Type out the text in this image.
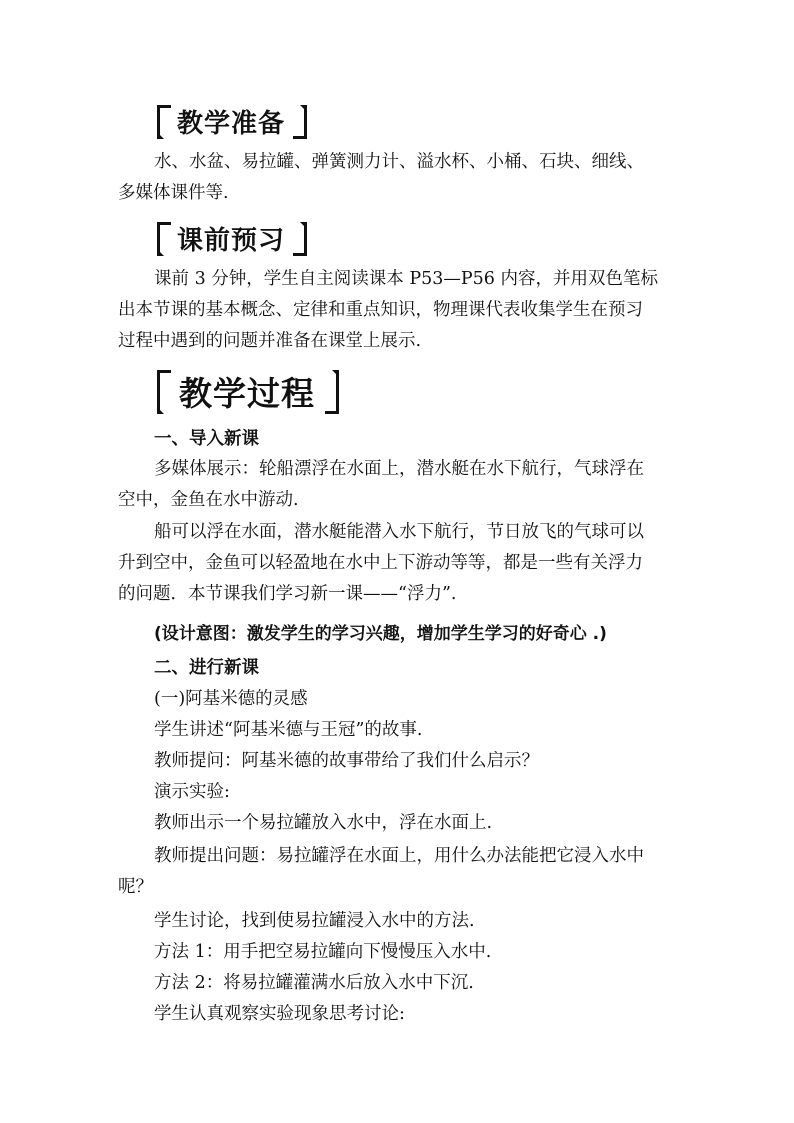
教学准备
水、水盆、易拉罐、弹簧测力计、溢水杯、小桶、石块、细线、
多媒体课件等.
课前预习
课前 3 分钟，学生自主阅读课本 P53—P56 内容，并用双色笔标
出本节课的基本概念、定律和重点知识，物理课代表收集学生在预习
过程中遇到的问题并准备在课堂上展示.
教学过程
一、导入新课
多媒体展示：轮船漂浮在水面上，潜水艇在水下航行，气球浮在
空中，金鱼在水中游动.
船可以浮在水面，潜水艇能潜入水下航行，节日放飞的气球可以
升到空中，金鱼可以轻盈地在水中上下游动等等，都是一些有关浮力
的问题．本节课我们学习新一课——“浮力”.
(设计意图：激发学生的学习兴趣，增加学生学习的好奇心 .)
二、进行新课
(一)阿基米德的灵感
学生讲述“阿基米德与王冠”的故事.
教师提问：阿基米德的故事带给了我们什么启示？
演示实验:
教师出示一个易拉罐放入水中，浮在水面上.
教师提出问题：易拉罐浮在水面上，用什么办法能把它浸入水中
呢？
学生讨论，找到使易拉罐浸入水中的方法.
方法 1：用手把空易拉罐向下慢慢压入水中.
方法 2：将易拉罐灌满水后放入水中下沉.
学生认真观察实验现象思考讨论:
